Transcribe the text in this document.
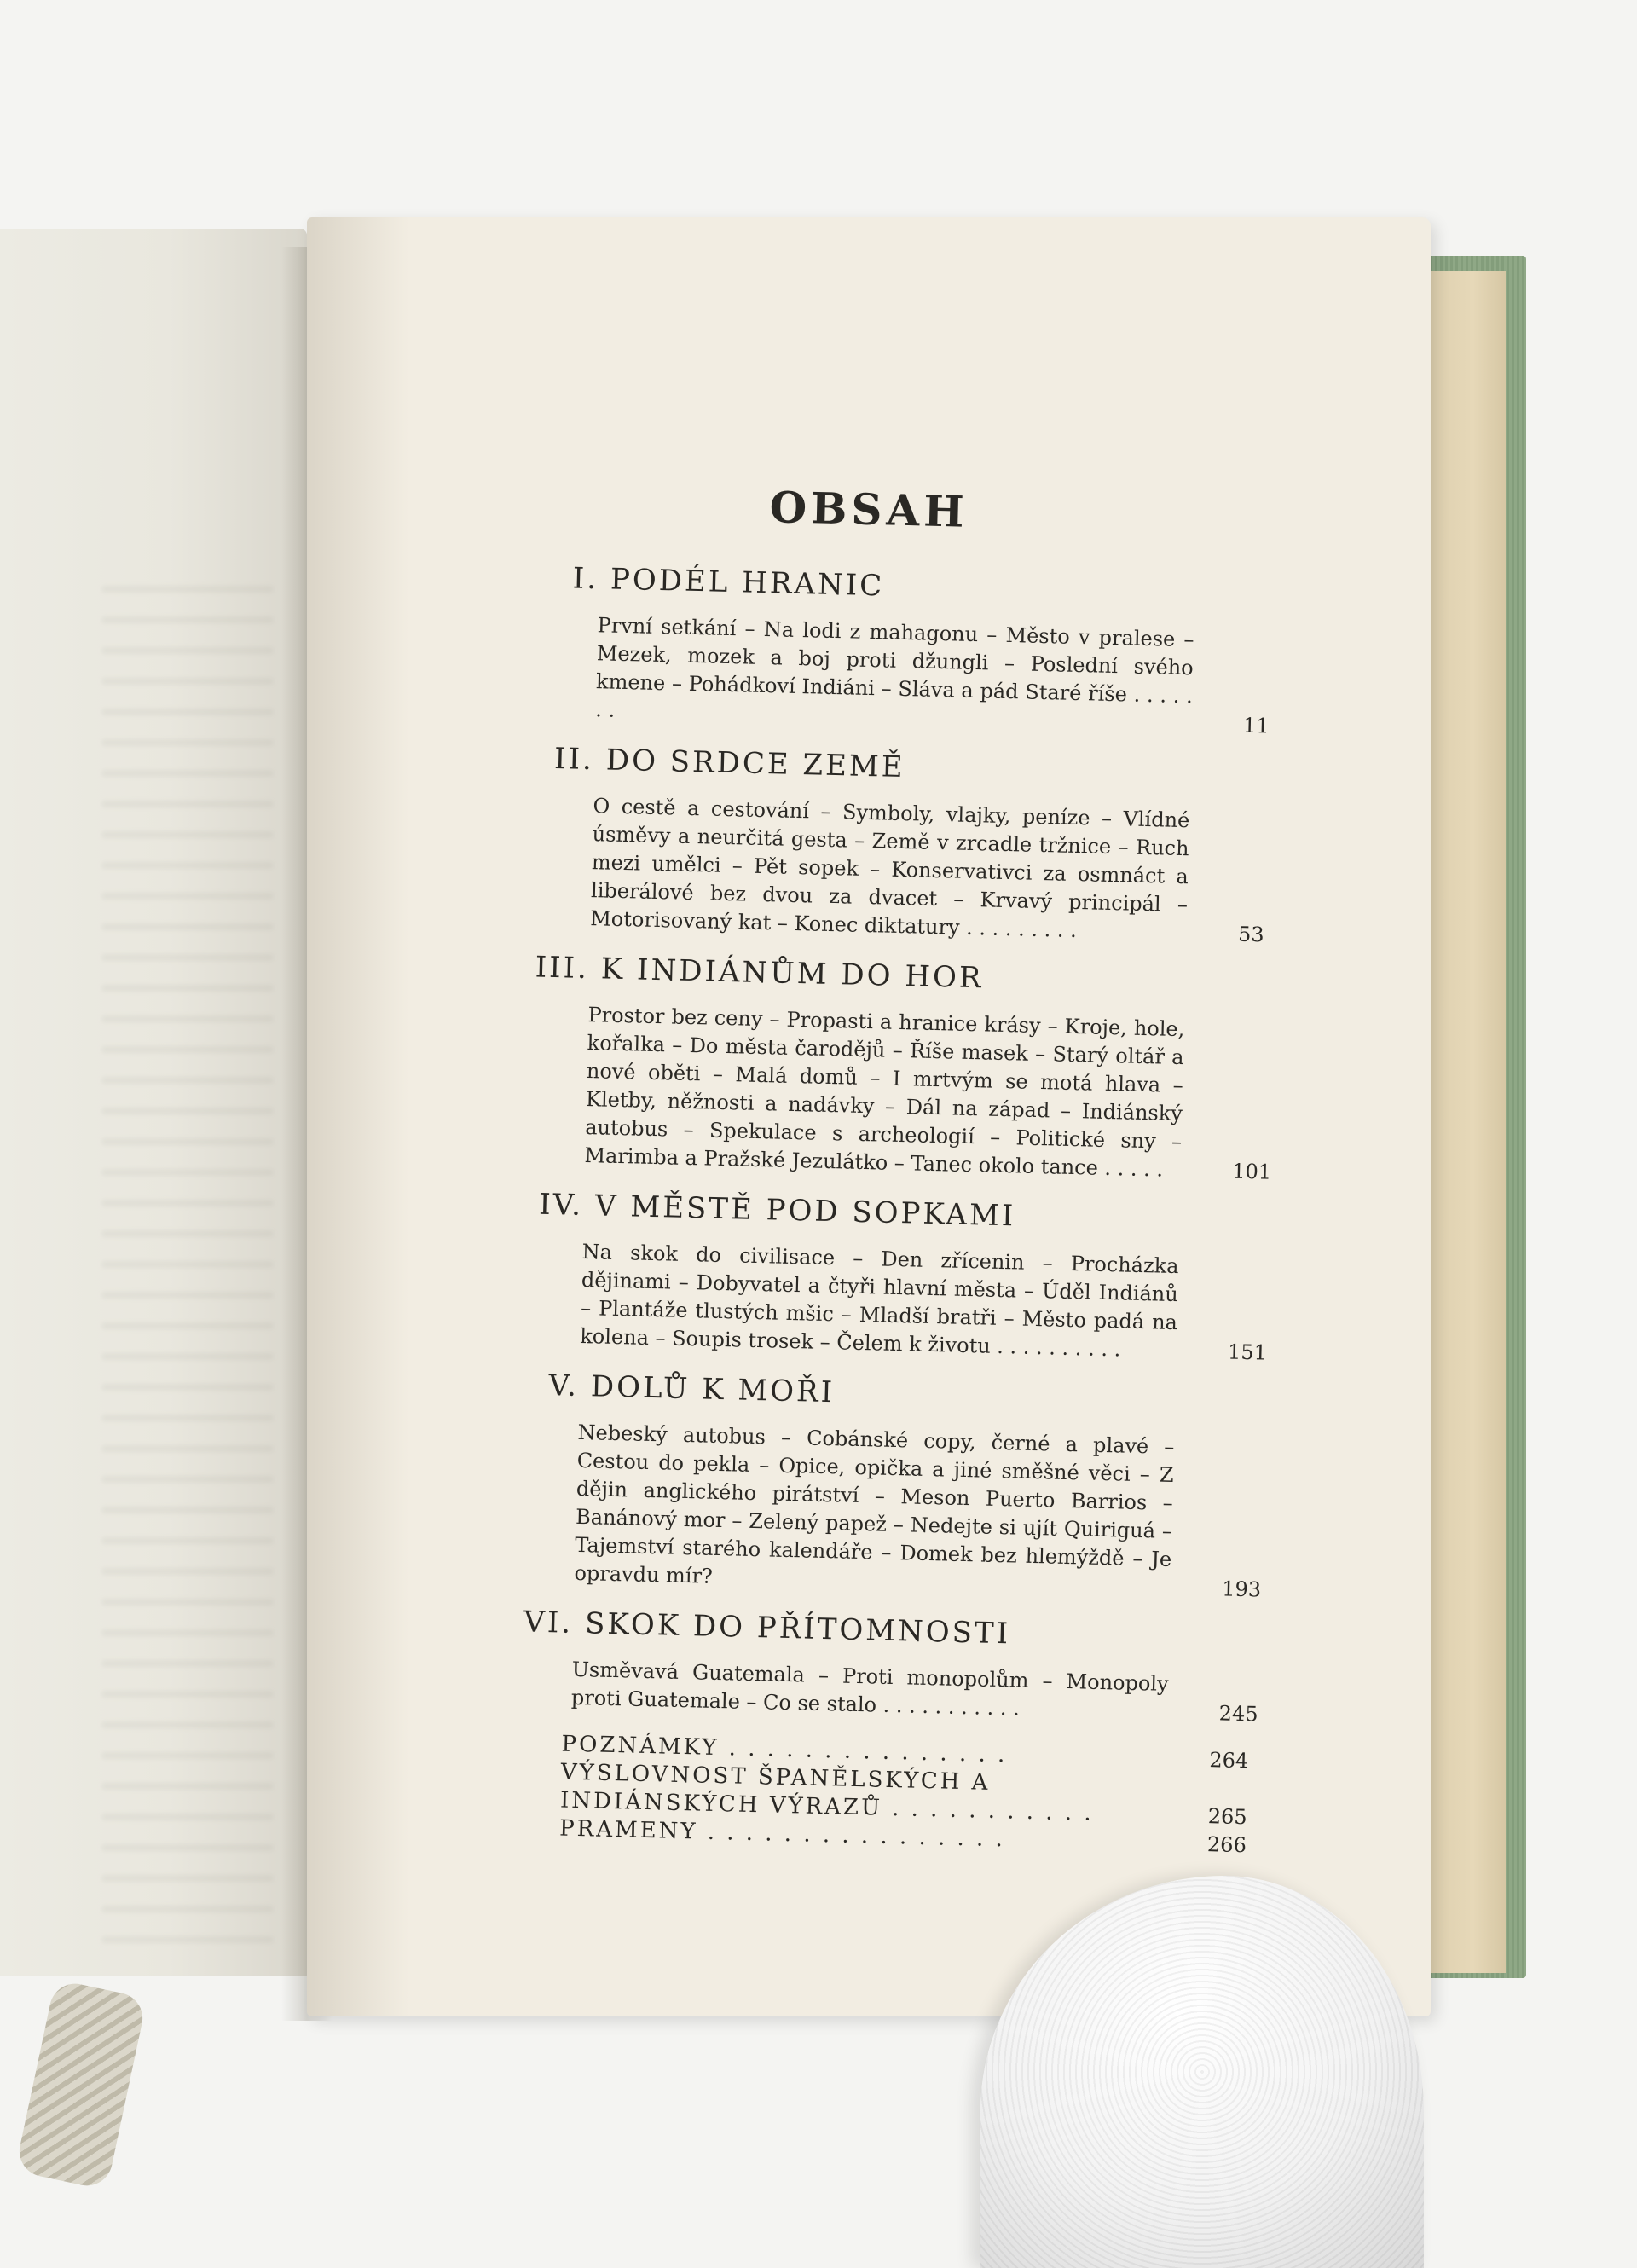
OBSAH
I. PODÉL HRANIC
První setkání – Na lodi z mahagonu – Město v pralese – Mezek, mozek a boj proti džungli – Poslední svého kmene – Pohádkoví Indiáni – Sláva a pád Staré říše . . . . . . .
11
II. DO SRDCE ZEMĚ
O cestě a cestování – Symboly, vlajky, peníze – Vlídné úsměvy a neurčitá gesta – Země v zrcadle tržnice – Ruch mezi umělci – Pět sopek – Konservativci za osmnáct a liberálové bez dvou za dvacet – Krvavý principál – Motorisovaný kat – Konec diktatury . . . . . . . . .	53
III. K INDIÁNŮM DO HOR
Prostor bez ceny – Propasti a hranice krásy – Kroje, hole, kořalka – Do města čarodějů – Říše masek – Starý oltář a nové oběti – Malá domů – I mrtvým se motá hlava – Kletby, něžnosti a nadávky – Dál na západ – Indiánský autobus – Spekulace s archeologií – Politické sny – Marimba a Pražské Jezulátko – Tanec okolo tance . . . . .	101
IV. V MĚSTĚ POD SOPKAMI
Na skok do civilisace – Den zřícenin – Procházka dějinami – Dobyvatel a čtyři hlavní města – Úděl Indiánů – Plantáže tlustých mšic – Mladší bratři – Město padá na kolena – Soupis trosek – Čelem k životu . . . . . . . . . .	151
V. DOLŮ K MOŘI
Nebeský autobus – Cobánské copy, černé a plavé – Cestou do pekla – Opice, opička a jiné směšné věci – Z dějin anglického pirátství – Meson Puerto Barrios – Banánový mor – Zelený papež – Nedejte si ujít Quiriguá – Tajemství starého kalendáře – Domek bez hlemýždě – Je opravdu mír?
193
VI. SKOK DO PŘÍTOMNOSTI
Usměvavá Guatemala – Proti monopolům – Monopoly proti Guatemale – Co se stalo . . . . . . . . . . .	245
POZNÁMKY . . . . . . . . . . . . . . .	264
VÝSLOVNOST ŠPANĚLSKÝCH A INDIÁNSKÝCH VÝRAZŮ . . . . . . . . . . .	265
PRAMENY . . . . . . . . . . . . . . . .	266
